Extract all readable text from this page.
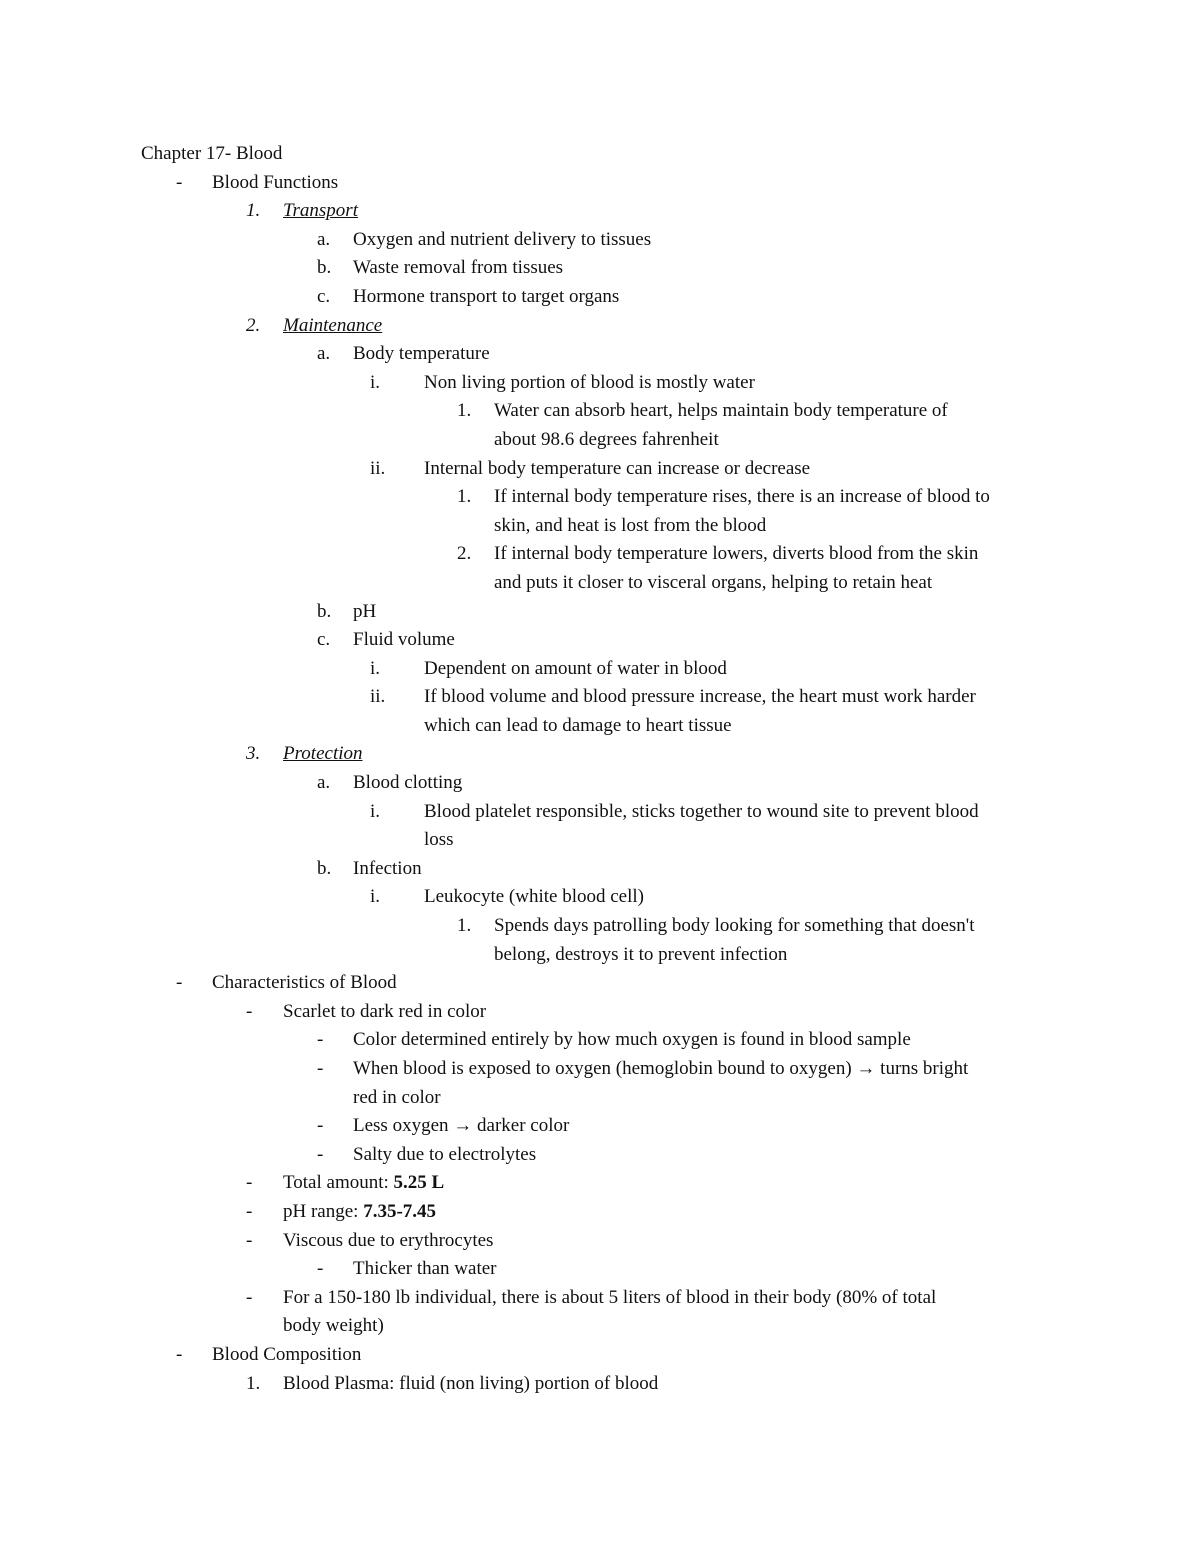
Chapter 17- Blood
- Blood Functions
1. Transport
a. Oxygen and nutrient delivery to tissues
b. Waste removal from tissues
c. Hormone transport to target organs
2. Maintenance
a. Body temperature
i. Non living portion of blood is mostly water
1. Water can absorb heart, helps maintain body temperature of
about 98.6 degrees fahrenheit
ii. Internal body temperature can increase or decrease
1. If internal body temperature rises, there is an increase of blood to
skin, and heat is lost from the blood
2. If internal body temperature lowers, diverts blood from the skin
and puts it closer to visceral organs, helping to retain heat
b. pH
c. Fluid volume
i. Dependent on amount of water in blood
ii. If blood volume and blood pressure increase, the heart must work harder
which can lead to damage to heart tissue
3. Protection
a. Blood clotting
i. Blood platelet responsible, sticks together to wound site to prevent blood
loss
b. Infection
i. Leukocyte (white blood cell)
1. Spends days patrolling body looking for something that doesn't
belong, destroys it to prevent infection
- Characteristics of Blood
- Scarlet to dark red in color
- Color determined entirely by how much oxygen is found in blood sample
- When blood is exposed to oxygen (hemoglobin bound to oxygen) → turns bright
red in color
- Less oxygen → darker color
- Salty due to electrolytes
- Total amount: 5.25 L
- pH range: 7.35-7.45
- Viscous due to erythrocytes
- Thicker than water
- For a 150-180 lb individual, there is about 5 liters of blood in their body (80% of total
body weight)
- Blood Composition
1. Blood Plasma: fluid (non living) portion of blood
